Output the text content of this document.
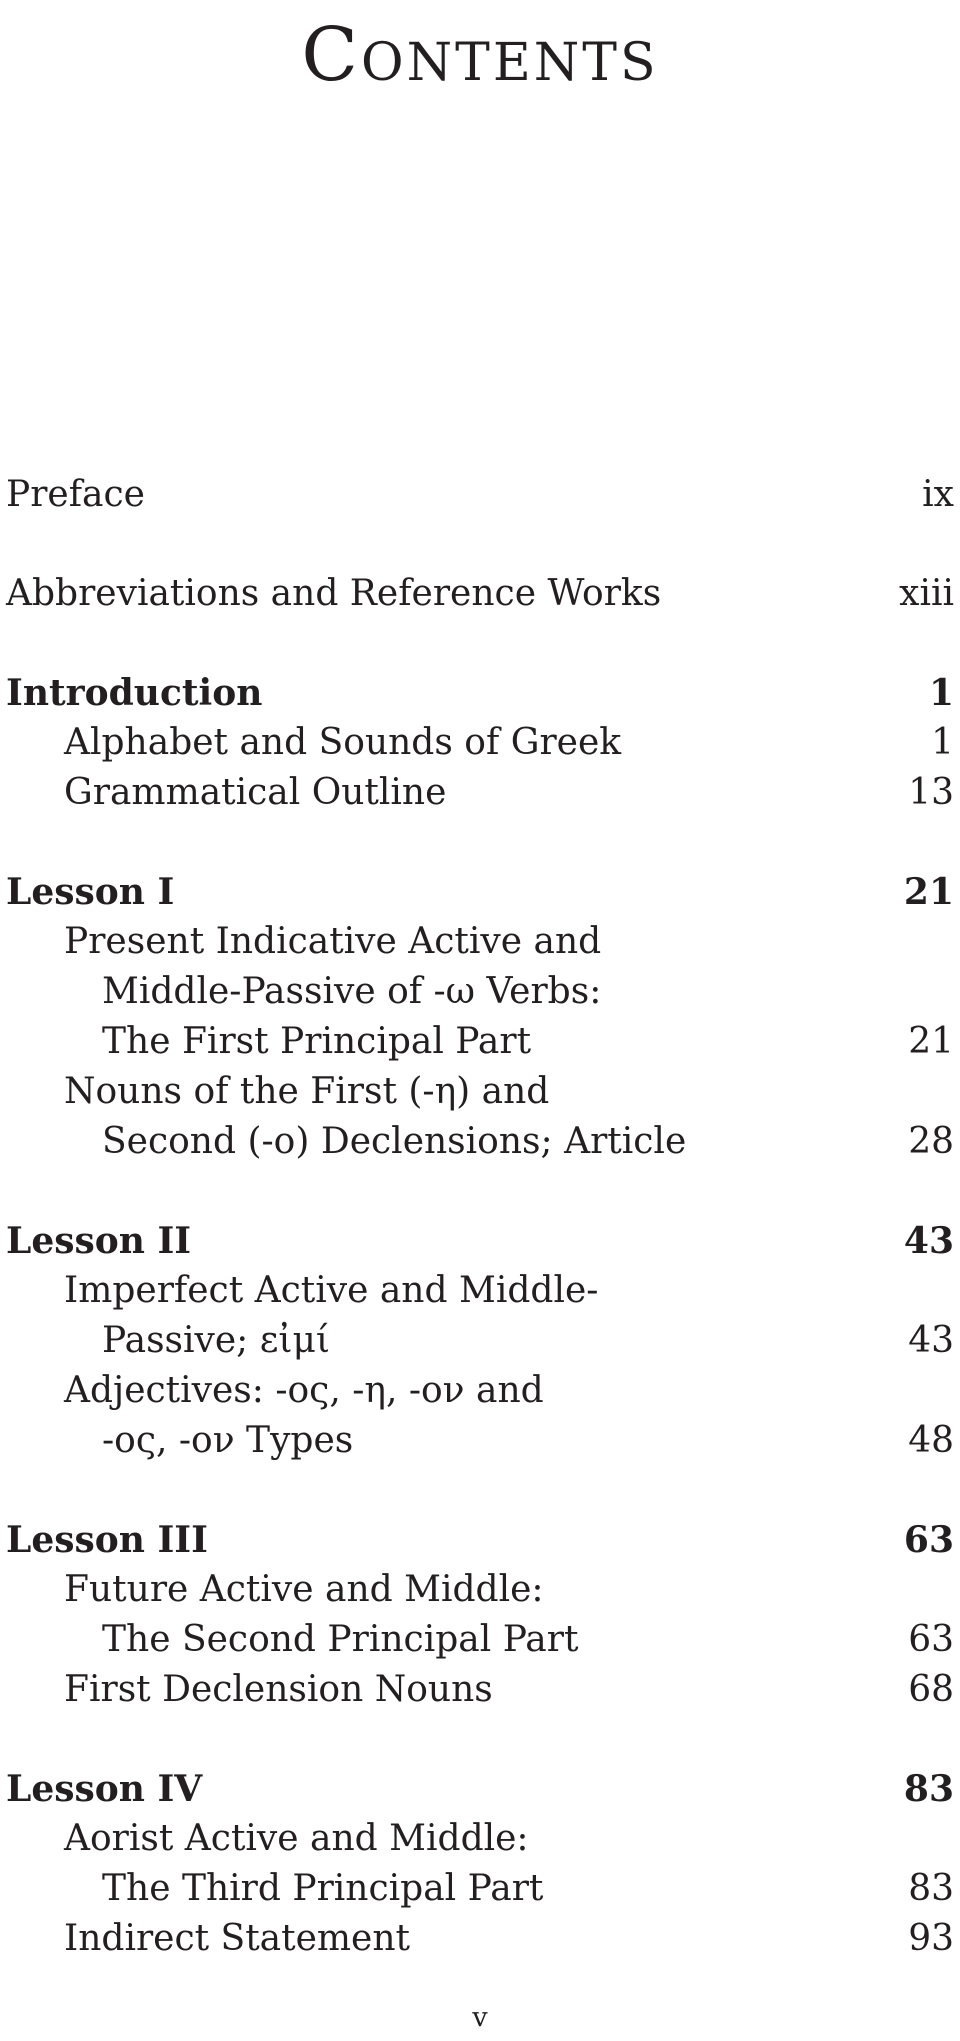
Contents
Preface	ix
Abbreviations and Reference Works	xiii
Introduction	1
Alphabet and Sounds of Greek	1
Grammatical Outline	13
Lesson I	21
Present Indicative Active and
Middle-Passive of -ω Verbs:
The First Principal Part	21
Nouns of the First (-η) and
Second (-ο) Declensions; Article	28
Lesson II	43
Imperfect Active and Middle-
Passive; εἰμί	43
Adjectives: -ος, -η, -ον and
-ος, -ον Types	48
Lesson III	63
Future Active and Middle:
The Second Principal Part	63
First Declension Nouns	68
Lesson IV	83
Aorist Active and Middle:
The Third Principal Part	83
Indirect Statement	93
v
